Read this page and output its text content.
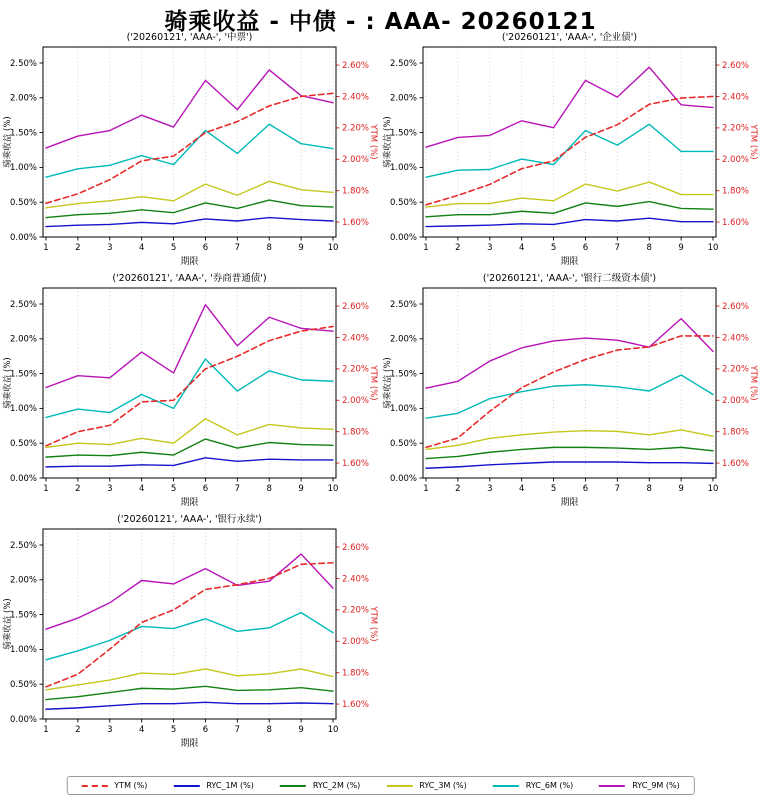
骑乘收益 - 中债 - : AAA- 20260121
('20260121', 'AAA-', '中票')
1	2	3	4	5	6	7	8	9	10
0.00%
0.50%
1.00%
1.50%
2.00%
2.50%
1.60%
1.80%
2.00%
2.20%
2.40%
2.60%
期限
骑乘收益 (%)	YTM (%)
('20260121', 'AAA-', '企业债')
1	2	3	4	5	6	7	8	9	10
0.00%
0.50%
1.00%
1.50%
2.00%
2.50%
1.60%
1.80%
2.00%
2.20%
2.40%
2.60%
期限
骑乘收益 (%)	YTM (%)
('20260121', 'AAA-', '券商普通债')
1	2	3	4	5	6	7	8	9	10
0.00%
0.50%
1.00%
1.50%
2.00%
2.50%
1.60%
1.80%
2.00%
2.20%
2.40%
2.60%
期限
骑乘收益 (%)	YTM (%)
('20260121', 'AAA-', '银行二级资本债')
1	2	3	4	5	6	7	8	9	10
0.00%
0.50%
1.00%
1.50%
2.00%
2.50%
1.60%
1.80%
2.00%
2.20%
2.40%
2.60%
期限
骑乘收益 (%)	YTM (%)
('20260121', 'AAA-', '银行永续')
1	2	3	4	5	6	7	8	9	10
0.00%
0.50%
1.00%
1.50%
2.00%
2.50%
1.60%
1.80%
2.00%
2.20%
2.40%
2.60%
期限
骑乘收益 (%)	YTM (%)
YTM (%)	RYC_1M (%)	RYC_2M (%)	RYC_3M (%)	RYC_6M (%)	RYC_9M (%)
